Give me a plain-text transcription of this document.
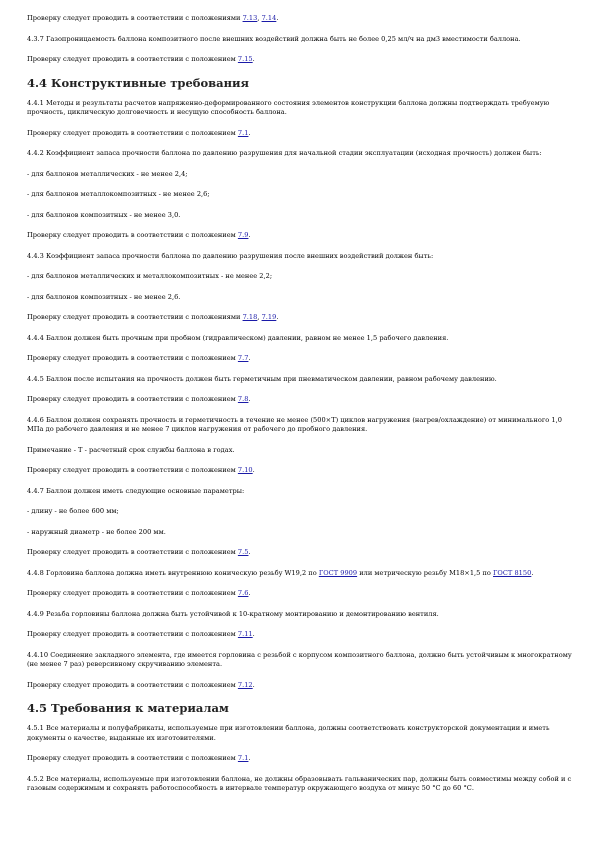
Проверку следует проводить в соответствии с положениями 7.13, 7.14.

4.3.7 Газопроницаемость баллона композитного после внешних воздействий должна быть не более 0,25 мл/ч на дм3 вместимости баллона.

Проверку следует проводить в соответствии с положением 7.15.

4.4 Конструктивные требования

4.4.1 Методы и результаты расчетов напряженно-деформированного состояния элементов конструкции баллона должны подтверждать требуемую прочность, циклическую долговечность и несущую способность баллона.

Проверку следует проводить в соответствии с положением 7.1.

4.4.2 Коэффициент запаса прочности баллона по давлению разрушения для начальной стадии эксплуатации (исходная прочность) должен быть:

- для баллонов металлических - не менее 2,4;

- для баллонов металлокомпозитных - не менее 2,6;

- для баллонов композитных - не менее 3,0.

Проверку следует проводить в соответствии с положением 7.9.

4.4.3 Коэффициент запаса прочности баллона по давлению разрушения после внешних воздействий должен быть:

- для баллонов металлических и металлокомпозитных - не менее 2,2;

- для баллонов композитных - не менее 2,6.

Проверку следует проводить в соответствии с положениями 7.18, 7.19.

4.4.4 Баллон должен быть прочным при пробном (гидравлическом) давлении, равном не менее 1,5 рабочего давления.

Проверку следует проводить в соответствии с положением 7.7.

4.4.5 Баллон после испытания на прочность должен быть герметичным при пневматическом давлении, равном рабочему давлению.

Проверку следует проводить в соответствии с положением 7.8.

4.4.6 Баллон должен сохранять прочность и герметичность в течение не менее (500×Т) циклов нагружения (нагрев/охлаждение) от минимального 1,0 МПа до рабочего давления и не менее 7 циклов нагружения от рабочего до пробного давления.

Примечание - Т - расчетный срок службы баллона в годах.

Проверку следует проводить в соответствии с положением 7.10.

4.4.7 Баллон должен иметь следующие основные параметры:

- длину - не более 600 мм;

- наружный диаметр - не более 200 мм.

Проверку следует проводить в соответствии с положением 7.5.

4.4.8 Горловина баллона должна иметь внутреннюю коническую резьбу W19,2 по ГОСТ 9909 или метрическую резьбу М18×1,5 по ГОСТ 8150.

Проверку следует проводить в соответствии с положением 7.6.

4.4.9 Резьба горловины баллона должна быть устойчивой к 10-кратному монтированию и демонтированию вентиля.

Проверку следует проводить в соответствии с положением 7.11.

4.4.10 Соединение закладного элемента, где имеется горловина с резьбой с корпусом композитного баллона, должно быть устойчивым к многократному (не менее 7 раз) реверсивному скручиванию элемента.

Проверку следует проводить в соответствии с положением 7.12.

4.5 Требования к материалам

4.5.1 Все материалы и полуфабрикаты, используемые при изготовлении баллона, должны соответствовать конструкторской документации и иметь документы о качестве, выданные их изготовителями.

Проверку следует проводить в соответствии с положением 7.1.

4.5.2 Все материалы, используемые при изготовлении баллона, не должны образовывать гальванических пар, должны быть совместимы между собой и с газовым содержимым и сохранять работоспособность в интервале температур окружающего воздуха от минус 50 °С до 60 °С.
